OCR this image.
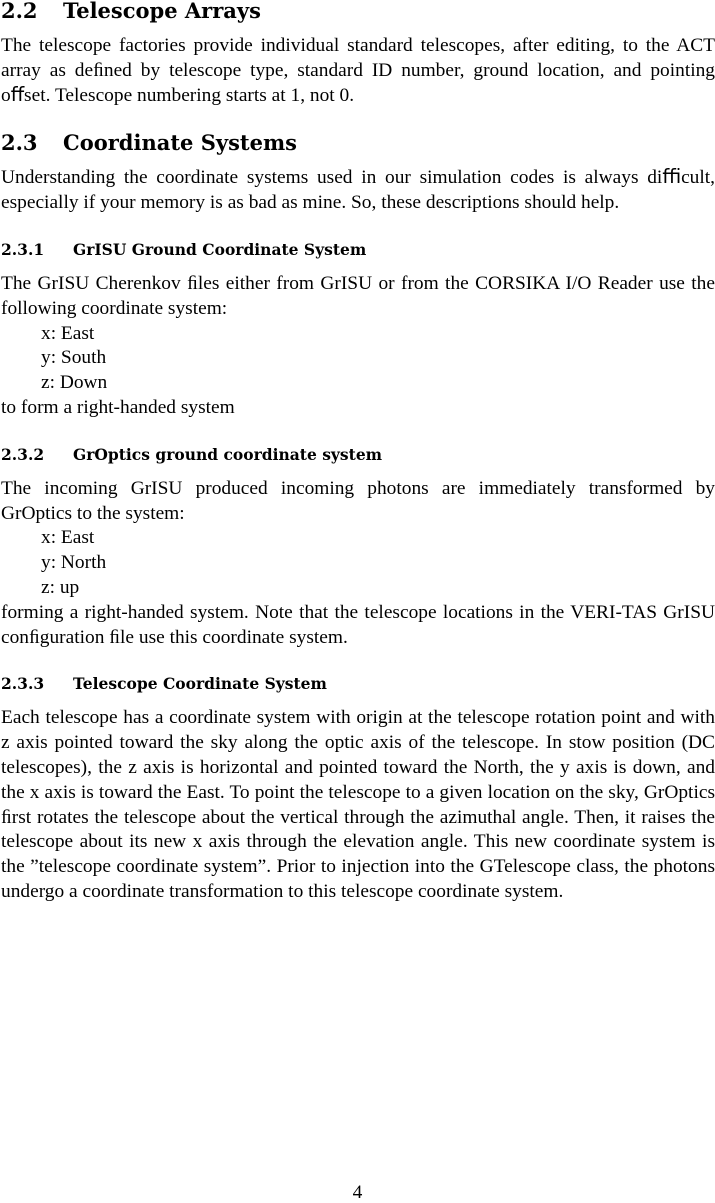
2.2 Telescope Arrays

The telescope factories provide individual standard telescopes, after editing, to the ACT array as deﬁned by telescope type, standard ID number, ground location, and pointing oﬀset. Telescope numbering starts at 1, not 0.

2.3 Coordinate Systems

Understanding the coordinate systems used in our simulation codes is always diﬃcult, especially if your memory is as bad as mine. So, these descriptions should help.

2.3.1 GrISU Ground Coordinate System

The GrISU Cherenkov ﬁles either from GrISU or from the CORSIKA I/O Reader use the following coordinate system:

x: East

y: South

z: Down

to form a right-handed system

2.3.2 GrOptics ground coordinate system

The incoming GrISU produced incoming photons are immediately transformed by GrOptics to the system:

x: East

y: North

z: up

forming a right-handed system. Note that the telescope locations in the VERI-TAS GrISU conﬁguration ﬁle use this coordinate system.

2.3.3 Telescope Coordinate System

Each telescope has a coordinate system with origin at the telescope rotation point and with z axis pointed toward the sky along the optic axis of the telescope. In stow position (DC telescopes), the z axis is horizontal and pointed toward the North, the y axis is down, and the x axis is toward the East. To point the telescope to a given location on the sky, GrOptics ﬁrst rotates the telescope about the vertical through the azimuthal angle. Then, it raises the telescope about its new x axis through the elevation angle. This new coordinate system is the ”telescope coordinate system”. Prior to injection into the GTelescope class, the photons undergo a coordinate transformation to this telescope coordinate system.

4
